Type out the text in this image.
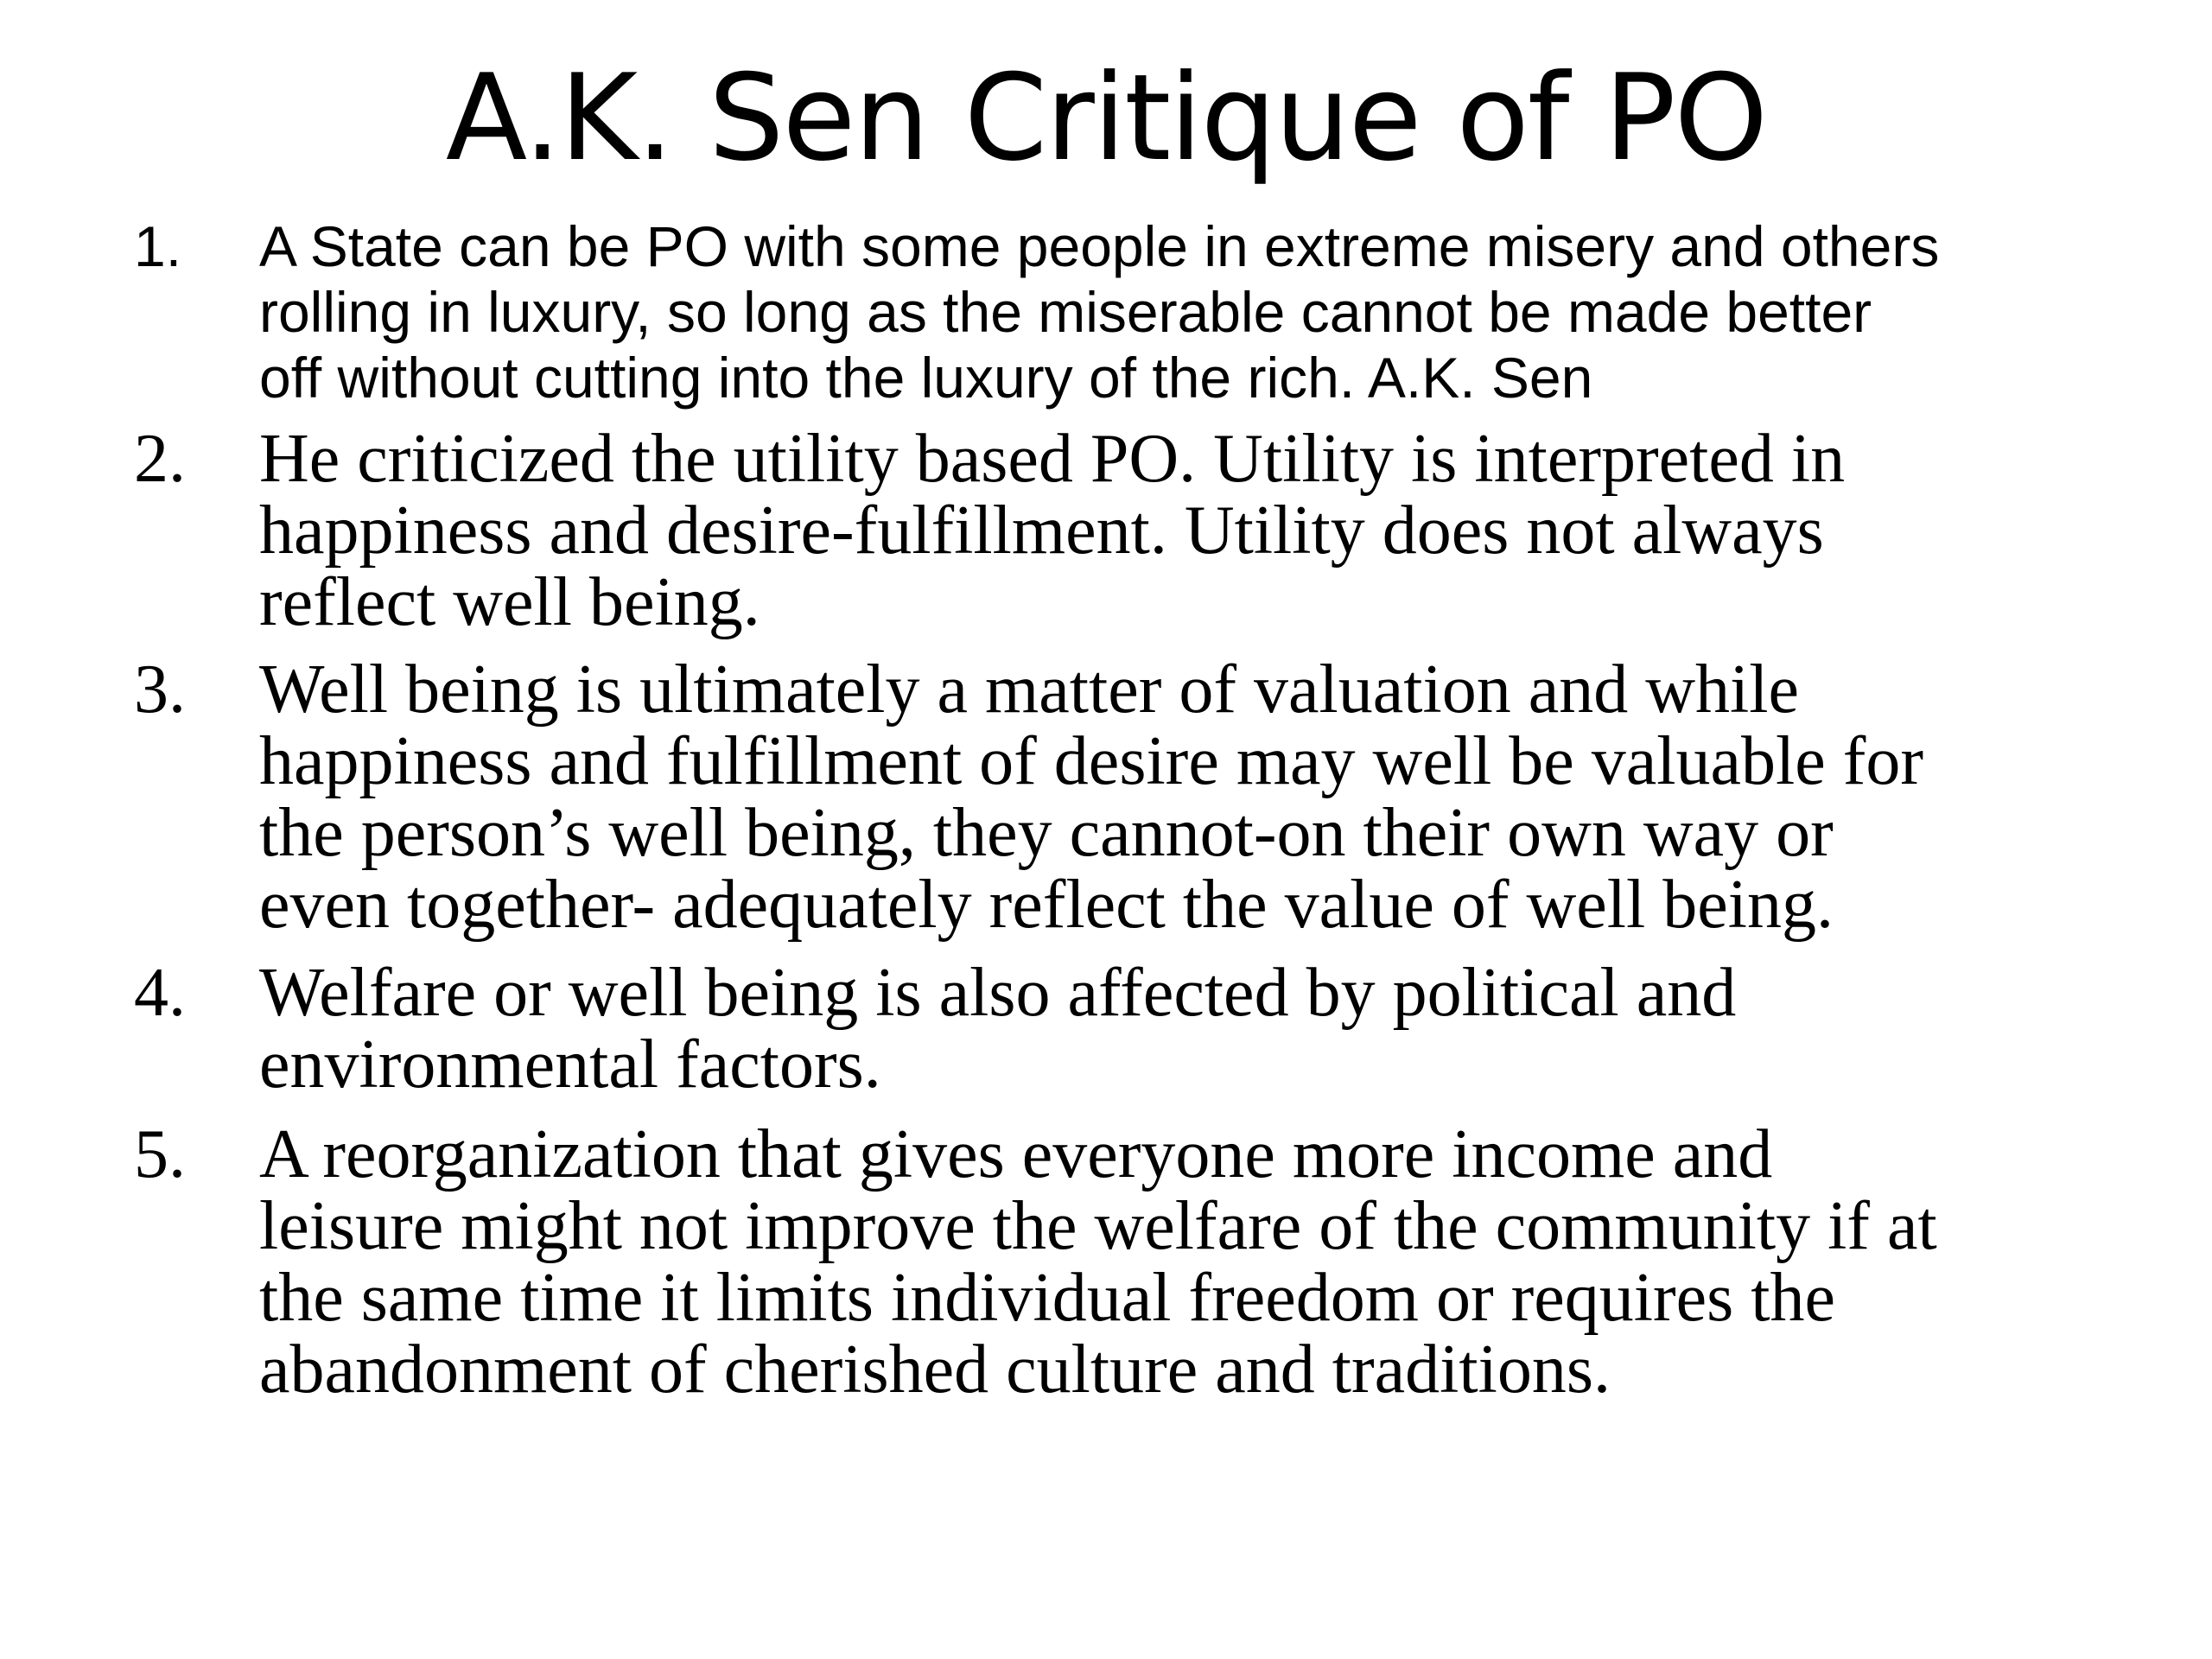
A.K. Sen Critique of PO
1. A State can be PO with some people in extreme misery and others
rolling in luxury, so long as the miserable cannot be made better
off without cutting into the luxury of the rich. A.K. Sen
2. He criticized the utility based PO. Utility is interpreted in
happiness and desire-fulfillment. Utility does not always
reflect well being.
3. Well being is ultimately a matter of valuation and while
happiness and fulfillment of desire may well be valuable for
the person’s well being, they cannot-on their own way or
even together- adequately reflect the value of well being.
4. Welfare or well being is also affected by political and
environmental factors.
5. A reorganization that gives everyone more income and
leisure might not improve the welfare of the community if at
the same time it limits individual freedom or requires the
abandonment of cherished culture and traditions.
